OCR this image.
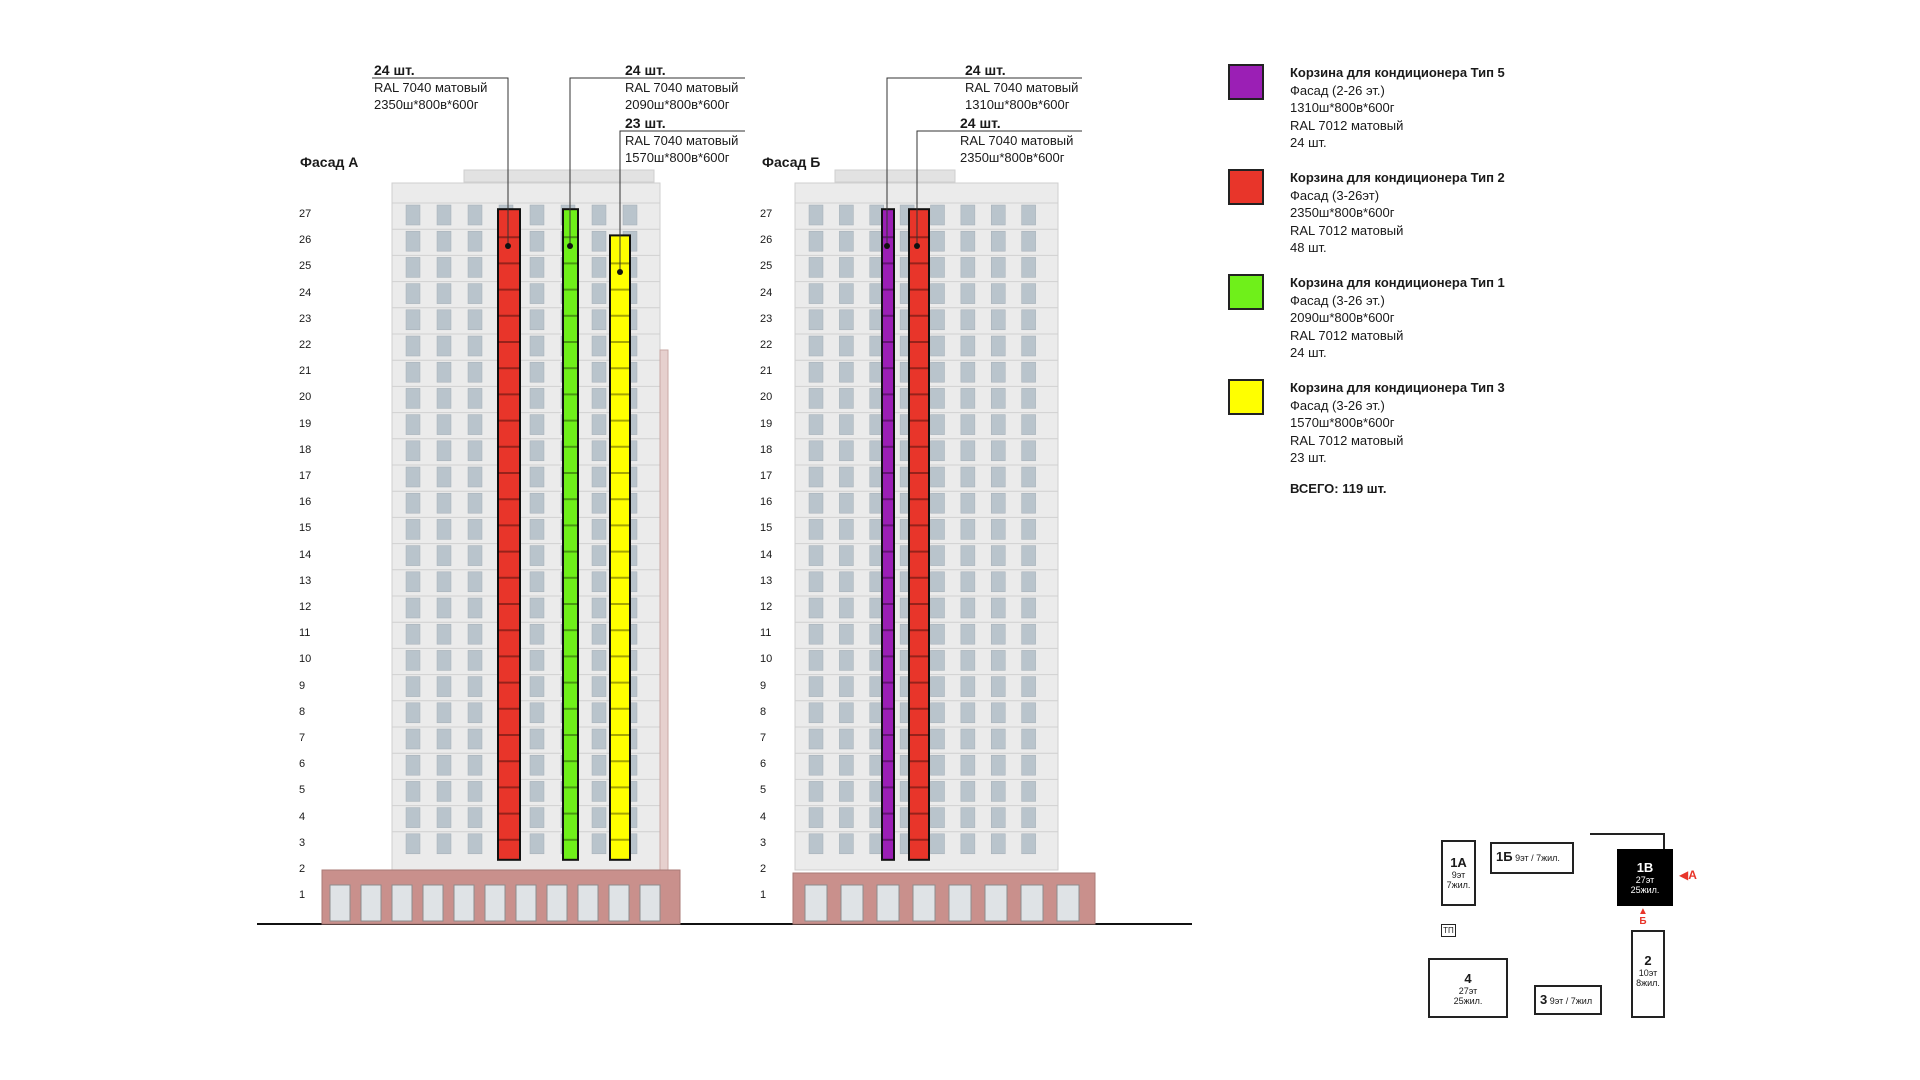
Фасад А	Фасад Б
24 шт.
RAL 7040 матовый
2350ш*800в*600г
24 шт.
RAL 7040 матовый
2090ш*800в*600г
23 шт.
RAL 7040 матовый
1570ш*800в*600г
24 шт.
RAL 7040 матовый
1310ш*800в*600г
24 шт.
RAL 7040 матовый
2350ш*800в*600г
27
26
25
24
23
22
21
20
19
18
17
16
15
14
13
12
11
10
9
8
7
6
5
4
3
2
1
27
26
25
24
23
22
21
20
19
18
17
16
15
14
13
12
11
10
9
8
7
6
5
4
3
2
1
Корзина для кондиционера Тип 5
Фасад (2-26 эт.)
1310ш*800в*600г
RAL 7012 матовый
24 шт.
Корзина для кондиционера Тип 2
Фасад (3-26эт)
2350ш*800в*600г
RAL 7012 матовый
48 шт.
Корзина для кондиционера Тип 1
Фасад (3-26 эт.)
2090ш*800в*600г
RAL 7012 матовый
24 шт.
Корзина для кондиционера Тип 3
Фасад (3-26 эт.)
1570ш*800в*600г
RAL 7012 матовый
23 шт.
ВСЕГО: 119 шт.
1А
9эт
7жил.
1Б 9эт / 7жил.
1В
27эт
25жил.
ТП
4
27эт
25жил.	3 9эт / 7жил
2
10эт
8жил.
◀А
▲
Б
